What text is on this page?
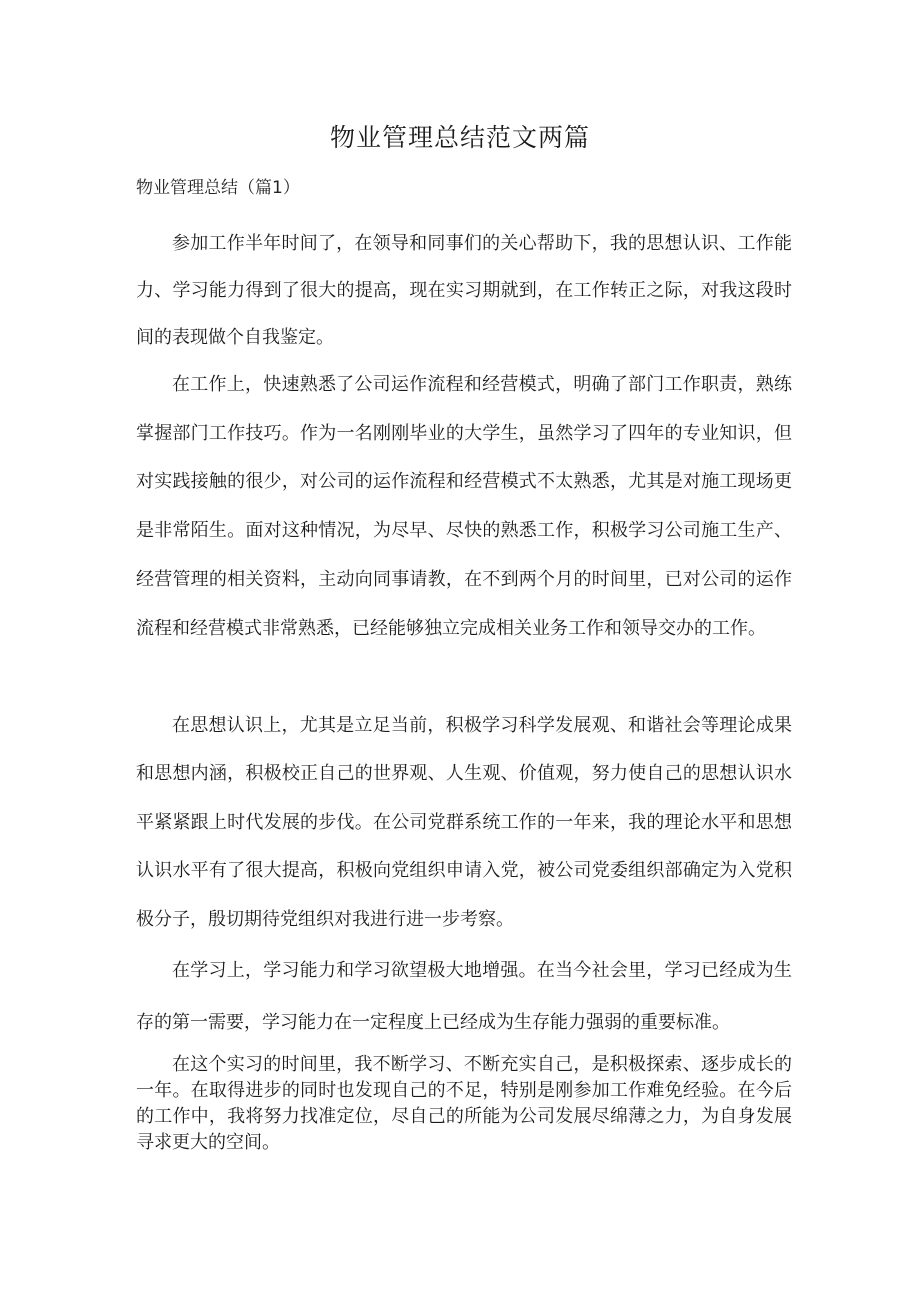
物业管理总结范文两篇

物业管理总结（篇1）

参加工作半年时间了，在领导和同事们的关心帮助下，我的思想认识、工作能力、学习能力得到了很大的提高，现在实习期就到，在工作转正之际，对我这段时间的表现做个自我鉴定。

在工作上，快速熟悉了公司运作流程和经营模式，明确了部门工作职责，熟练掌握部门工作技巧。作为一名刚刚毕业的大学生，虽然学习了四年的专业知识，但对实践接触的很少，对公司的运作流程和经营模式不太熟悉，尤其是对施工现场更是非常陌生。面对这种情况，为尽早、尽快的熟悉工作，积极学习公司施工生产、经营管理的相关资料，主动向同事请教，在不到两个月的时间里，已对公司的运作流程和经营模式非常熟悉，已经能够独立完成相关业务工作和领导交办的工作。

在思想认识上，尤其是立足当前，积极学习科学发展观、和谐社会等理论成果和思想内涵，积极校正自己的世界观、人生观、价值观，努力使自己的思想认识水平紧紧跟上时代发展的步伐。在公司党群系统工作的一年来，我的理论水平和思想认识水平有了很大提高，积极向党组织申请入党，被公司党委组织部确定为入党积极分子，殷切期待党组织对我进行进一步考察。

在学习上，学习能力和学习欲望极大地增强。在当今社会里，学习已经成为生存的第一需要，学习能力在一定程度上已经成为生存能力强弱的重要标准。

在这个实习的时间里，我不断学习、不断充实自己，是积极探索、逐步成长的一年。在取得进步的同时也发现自己的不足，特别是刚参加工作难免经验。在今后的工作中，我将努力找准定位，尽自己的所能为公司发展尽绵薄之力，为自身发展寻求更大的空间。
